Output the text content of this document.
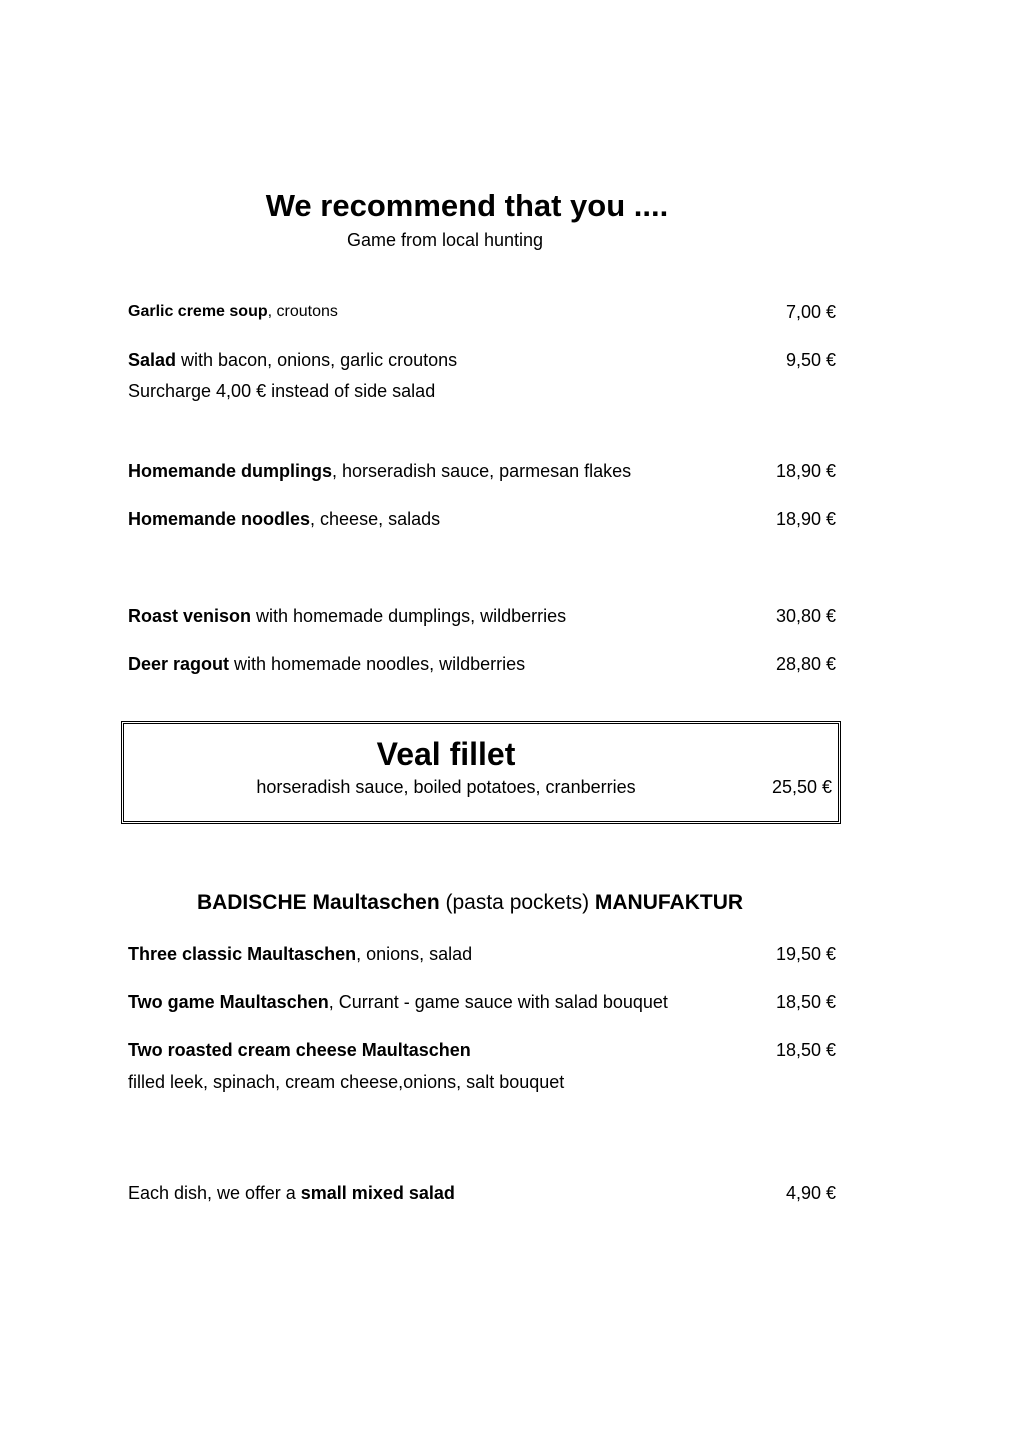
We recommend that you ....
Game from local hunting
Garlic creme soup, croutons	7,00 €
Salad with bacon, onions, garlic croutons	9,50 €
Surcharge 4,00 € instead of side salad
Homemande dumplings, horseradish sauce, parmesan flakes	18,90 €
Homemande noodles, cheese, salads	18,90 €
Roast venison with homemade dumplings, wildberries	30,80 €
Deer ragout with homemade noodles, wildberries	28,80 €
Veal fillet
horseradish sauce, boiled potatoes, cranberries	25,50 €
BADISCHE Maultaschen (pasta pockets) MANUFAKTUR
Three classic Maultaschen, onions, salad	19,50 €
Two game Maultaschen, Currant - game sauce with salad bouquet	18,50 €
Two roasted cream cheese Maultaschen	18,50 €
filled leek, spinach, cream cheese,onions, salt bouquet
Each dish, we offer a small mixed salad	4,90 €
